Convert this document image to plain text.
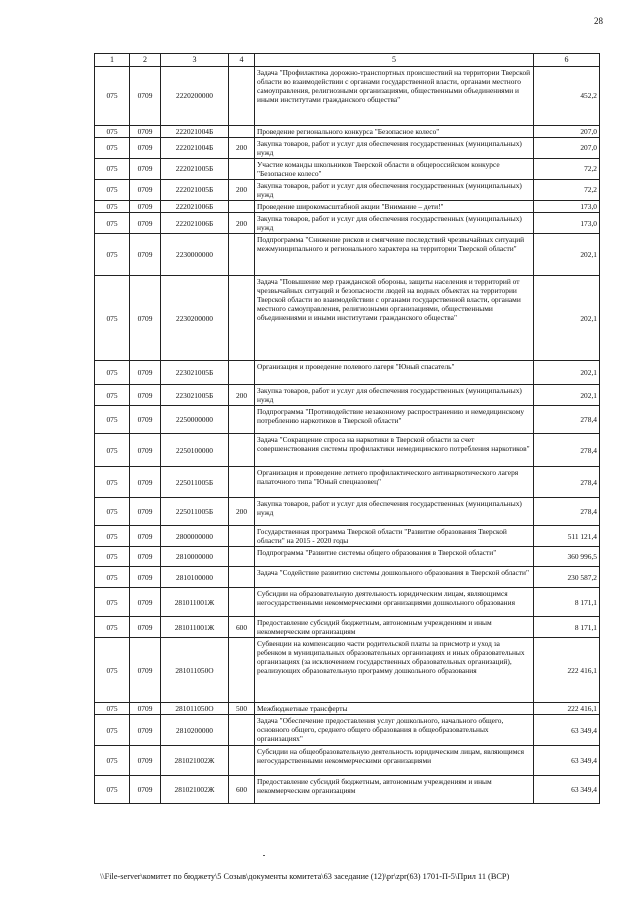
28
1	2	3	4	5	6
075	0709	2220200000		Задача "Профилактика дорожно-транспортных происшествий на территории Тверской области во взаимодействии с органами государственной власти, органами местного самоуправления, религиозными организациями, общественными объединениями и иными институтами гражданского общества"	452,2
075	0709	222021004Б		Проведение регионального конкурса "Безопасное колесо"	207,0
075	0709	222021004Б	200	Закупка товаров, работ и услуг для обеспечения государственных (муниципальных) нужд	207,0
075	0709	222021005Б		Участие команды школьников Тверской области в общероссийском конкурсе "Безопасное колесо"	72,2
075	0709	222021005Б	200	Закупка товаров, работ и услуг для обеспечения государственных (муниципальных) нужд	72,2
075	0709	222021006Б		Проведение широкомасштабной акции "Внимание – дети!"	173,0
075	0709	222021006Б	200	Закупка товаров, работ и услуг для обеспечения государственных (муниципальных) нужд	173,0
075	0709	2230000000		Подпрограмма "Снижение рисков и смягчение последствий чрезвычайных ситуаций межмуниципального и регионального характера на территории Тверской области"	202,1
075	0709	2230200000		Задача "Повышение мер гражданской обороны, защиты населения и территорий от чрезвычайных ситуаций и безопасности людей на водных объектах на территории Тверской области во взаимодействии с органами государственной власти, органами местного самоуправления, религиозными организациями, общественными объединениями и иными институтами гражданского общества"	202,1
075	0709	223021005Б		Организация и проведение полевого лагеря "Юный спасатель"	202,1
075	0709	223021005Б	200	Закупка товаров, работ и услуг для обеспечения государственных (муниципальных) нужд	202,1
075	0709	2250000000		Подпрограмма "Противодействие незаконному распространению и немедицинскому потреблению наркотиков в Тверской области"	278,4
075	0709	2250100000		Задача "Сокращение спроса на наркотики в Тверской области за счет совершенствования системы профилактики немедицинского потребления наркотиков"	278,4
075	0709	225011005Б		Организация и проведение летнего профилактического антинаркотического лагеря палаточного типа "Юный спецназовец"	278,4
075	0709	225011005Б	200	Закупка товаров, работ и услуг для обеспечения государственных (муниципальных) нужд	278,4
075	0709	2800000000		Государственная программа Тверской области "Развитие образования Тверской области" на 2015 - 2020 годы	511 121,4
075	0709	2810000000		Подпрограмма "Развитие системы общего образования в Тверской области"	360 996,5
075	0709	2810100000		Задача "Содействие развитию системы дошкольного образования в Тверской области"	230 587,2
075	0709	281011001Ж		Субсидии на образовательную деятельность юридическим лицам, являющимся негосударственными некоммерческими организациями дошкольного образования	8 171,1
075	0709	281011001Ж	600	Предоставление субсидий бюджетным, автономным учреждениям и иным некоммерческим организациям	8 171,1
075	0709	281011050О		Субвенции на компенсацию части родительской платы за присмотр и уход за ребенком в муниципальных образовательных организациях и иных образовательных организациях (за исключением государственных образовательных организаций), реализующих образовательную программу дошкольного образования	222 416,1
075	0709	281011050О	500	Межбюджетные трансферты	222 416,1
075	0709	2810200000		Задача "Обеспечение предоставления услуг дошкольного, начального общего, основного общего, среднего общего образования в общеобразовательных организациях"	63 349,4
075	0709	281021002Ж		Субсидии на общеобразовательную деятельность юридическим лицам, являющимся негосударственными некоммерческими организациями	63 349,4
075	0709	281021002Ж	600	Предоставление субсидий бюджетным, автономным учреждениям и иным некоммерческим организациям	63 349,4
\\File-server\комитет по бюджету\5 Созыв\документы комитета\63 заседание (12)\pr\zpr(63) 1701-П-5\Прил 11 (ВСР)
